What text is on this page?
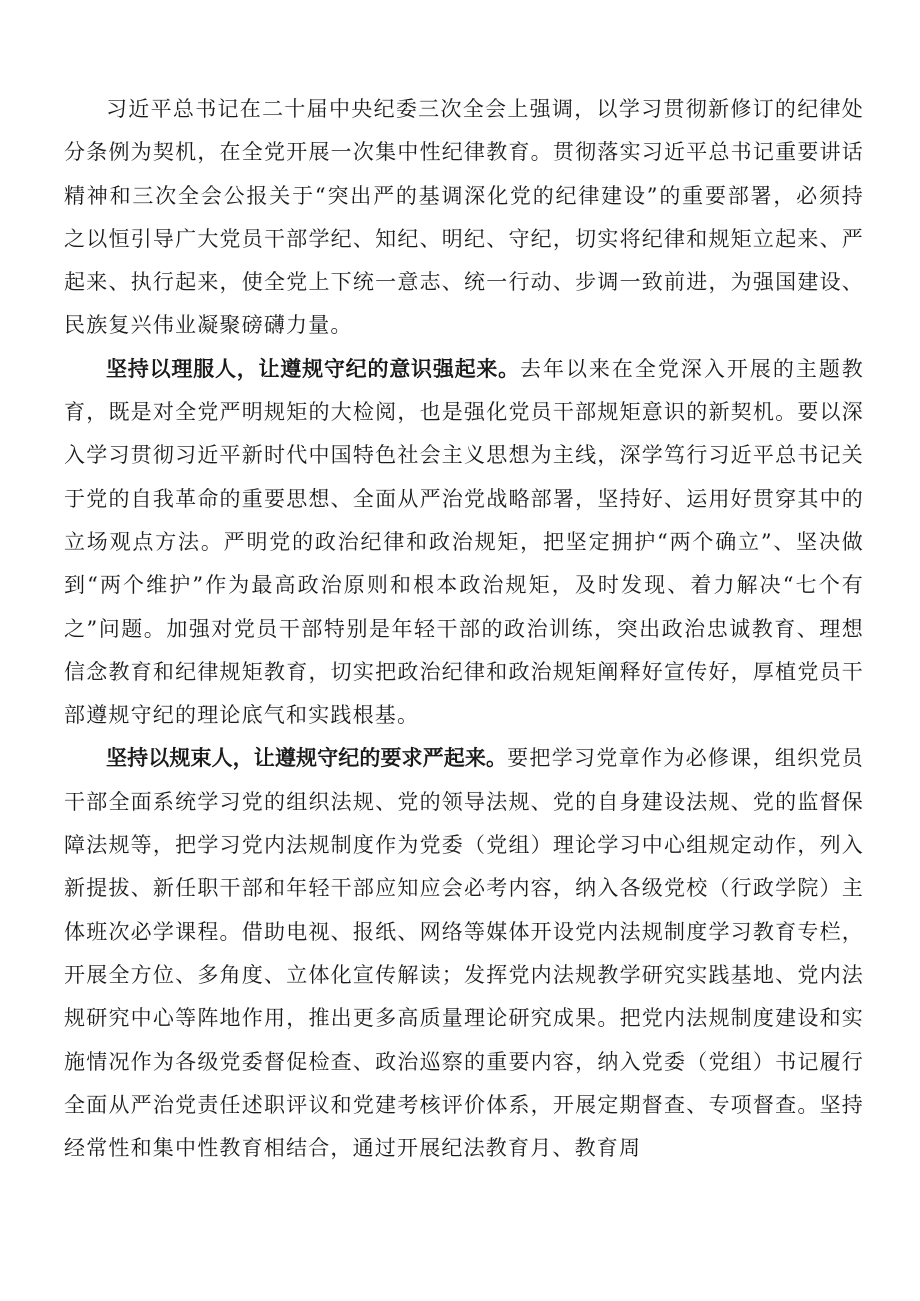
习近平总书记在二十届中央纪委三次全会上强调，以学习贯彻新修订的纪律处分条例为契机，在全党开展一次集中性纪律教育。贯彻落实习近平总书记重要讲话精神和三次全会公报关于“突出严的基调深化党的纪律建设”的重要部署，必须持之以恒引导广大党员干部学纪、知纪、明纪、守纪，切实将纪律和规矩立起来、严起来、执行起来，使全党上下统一意志、统一行动、步调一致前进，为强国建设、民族复兴伟业凝聚磅礴力量。

坚持以理服人，让遵规守纪的意识强起来。去年以来在全党深入开展的主题教育，既是对全党严明规矩的大检阅，也是强化党员干部规矩意识的新契机。要以深入学习贯彻习近平新时代中国特色社会主义思想为主线，深学笃行习近平总书记关于党的自我革命的重要思想、全面从严治党战略部署，坚持好、运用好贯穿其中的立场观点方法。严明党的政治纪律和政治规矩，把坚定拥护“两个确立”、坚决做到“两个维护”作为最高政治原则和根本政治规矩，及时发现、着力解决“七个有之”问题。加强对党员干部特别是年轻干部的政治训练，突出政治忠诚教育、理想信念教育和纪律规矩教育，切实把政治纪律和政治规矩阐释好宣传好，厚植党员干部遵规守纪的理论底气和实践根基。

坚持以规束人，让遵规守纪的要求严起来。要把学习党章作为必修课，组织党员干部全面系统学习党的组织法规、党的领导法规、党的自身建设法规、党的监督保障法规等，把学习党内法规制度作为党委（党组）理论学习中心组规定动作，列入新提拔、新任职干部和年轻干部应知应会必考内容，纳入各级党校（行政学院）主体班次必学课程。借助电视、报纸、网络等媒体开设党内法规制度学习教育专栏，开展全方位、多角度、立体化宣传解读；发挥党内法规教学研究实践基地、党内法规研究中心等阵地作用，推出更多高质量理论研究成果。把党内法规制度建设和实施情况作为各级党委督促检查、政治巡察的重要内容，纳入党委（党组）书记履行全面从严治党责任述职评议和党建考核评价体系，开展定期督查、专项督查。坚持经常性和集中性教育相结合，通过开展纪法教育月、教育周
